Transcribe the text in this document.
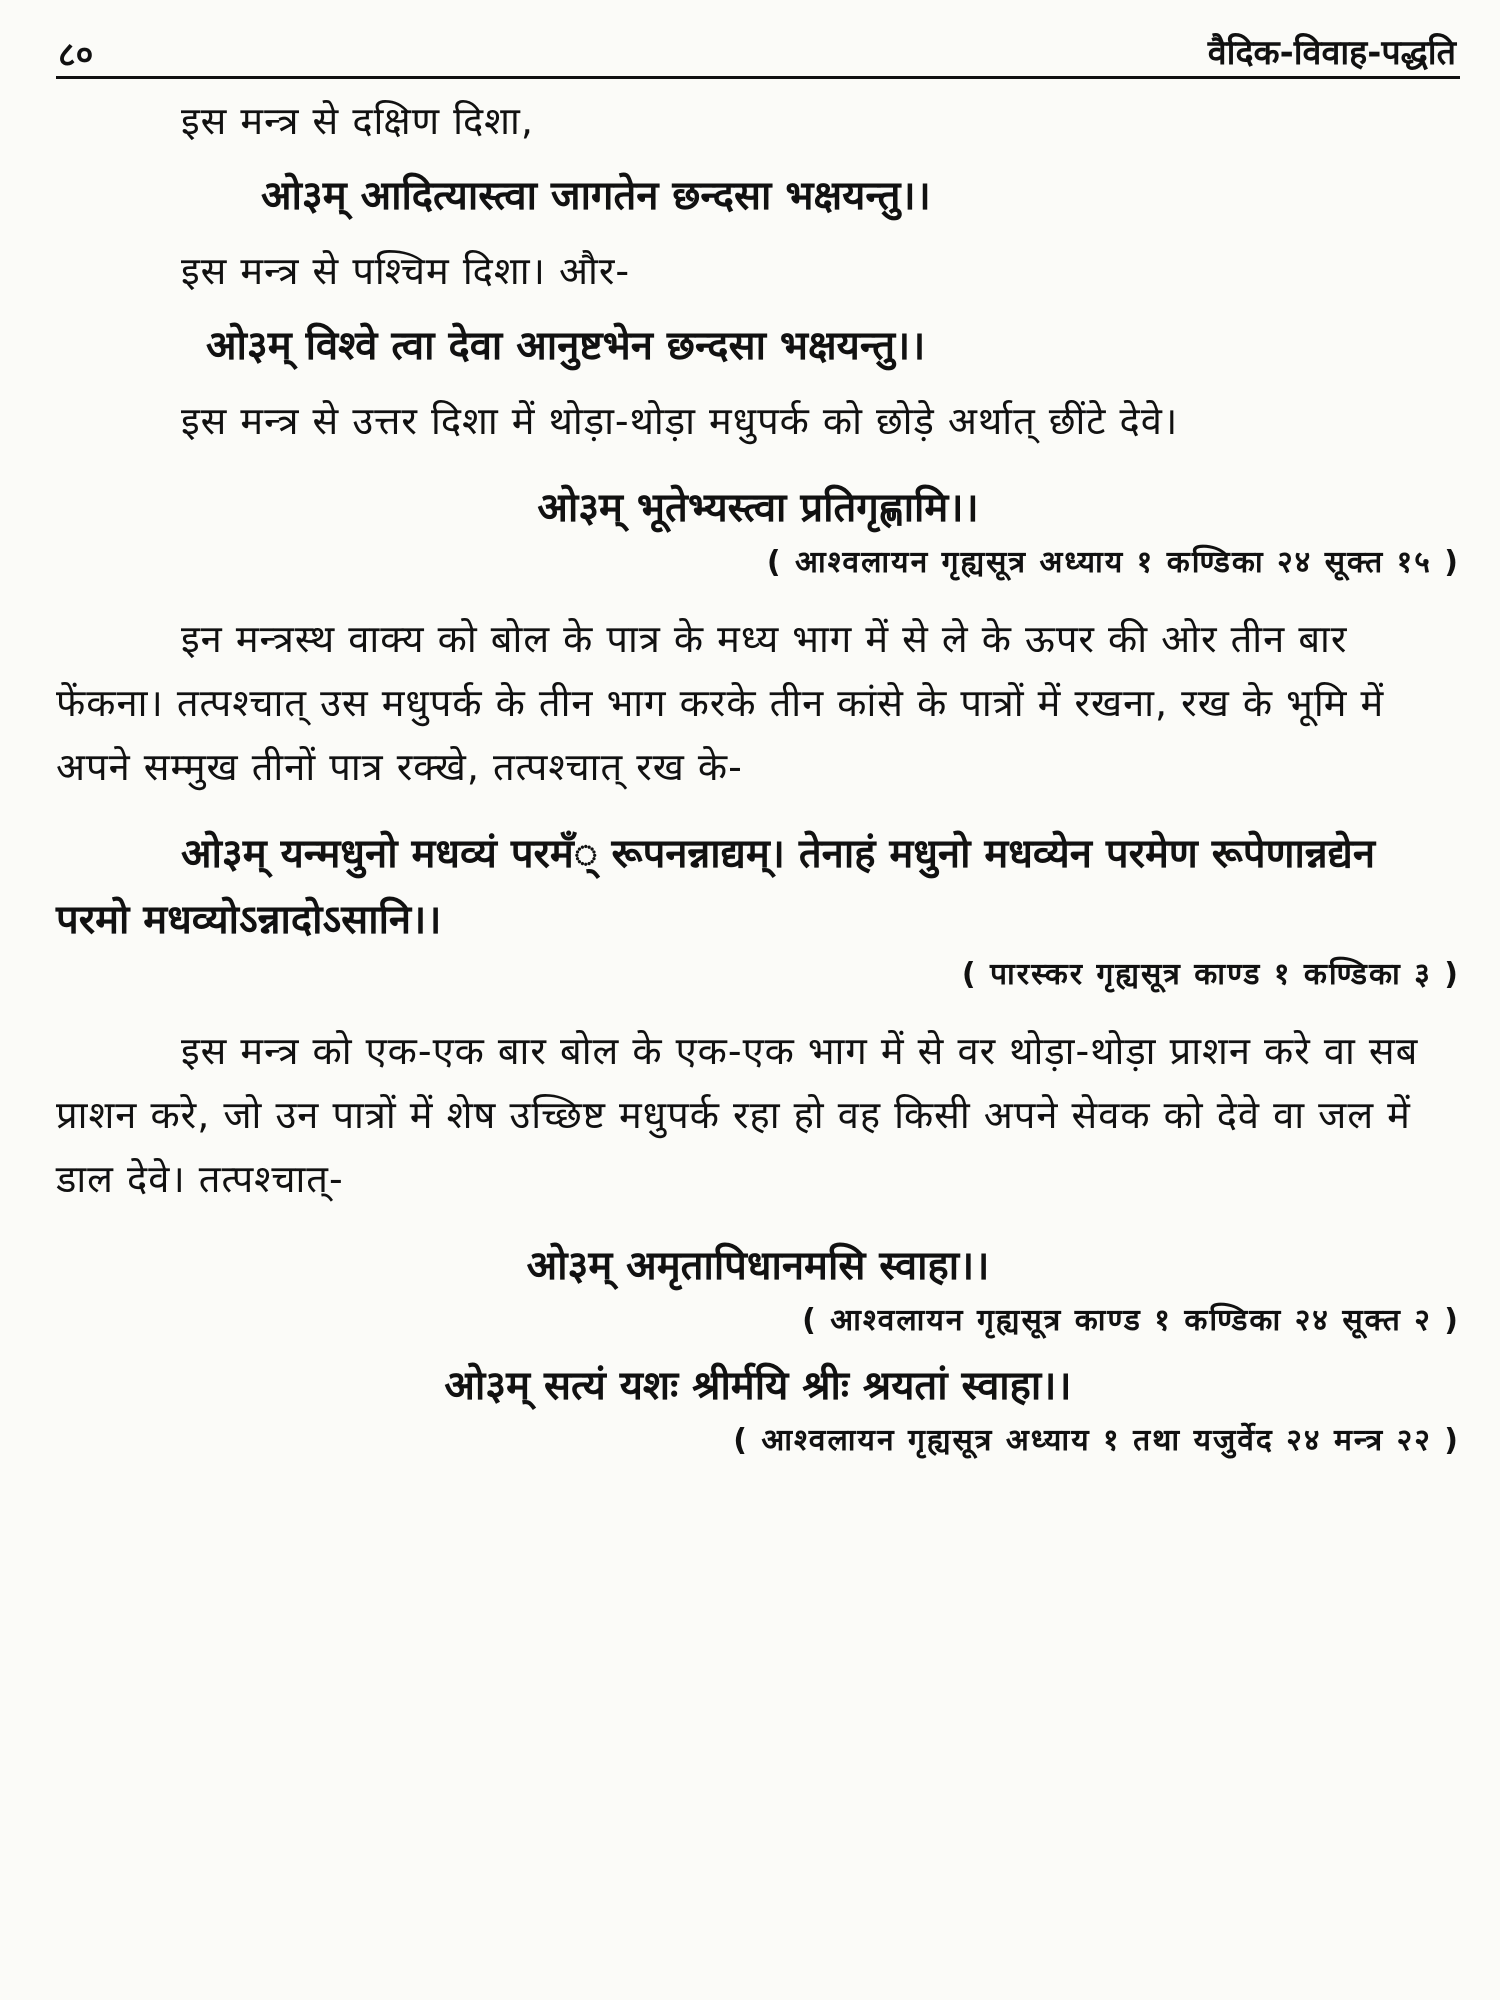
८०	वैदिक-विवाह-पद्धति

इस मन्त्र से दक्षिण दिशा,

ओ३म् आदित्यास्त्वा जागतेन छन्दसा भक्षयन्तु।।

इस मन्त्र से पश्चिम दिशा। और-

ओ३म् विश्वे त्वा देवा आनुष्टभेन छन्दसा भक्षयन्तु।।

इस मन्त्र से उत्तर दिशा में थोड़ा-थोड़ा मधुपर्क को छोड़े अर्थात् छींटे देवे।

ओ३म् भूतेभ्यस्त्वा प्रतिगृह्णामि।।

( आश्वलायन गृह्यसूत्र अध्याय १ कण्डिका २४ सूक्त १५ )

इन मन्त्रस्थ वाक्य को बोल के पात्र के मध्य भाग में से ले के ऊपर की ओर तीन बार फेंकना। तत्पश्चात् उस मधुपर्क के तीन भाग करके तीन कांसे के पात्रों में रखना, रख के भूमि में अपने सम्मुख तीनों पात्र रक्खे, तत्पश्चात् रख के-

ओ३म् यन्मधुनो मधव्यं परमँ् रूपनन्नाद्यम्। तेनाहं मधुनो मधव्येन परमेण रूपेणान्नद्येन परमो मधव्योऽन्नादोऽसानि।।

( पारस्कर गृह्यसूत्र काण्ड १ कण्डिका ३ )

इस मन्त्र को एक-एक बार बोल के एक-एक भाग में से वर थोड़ा-थोड़ा प्राशन करे वा सब प्राशन करे, जो उन पात्रों में शेष उच्छिष्ट मधुपर्क रहा हो वह किसी अपने सेवक को देवे वा जल में डाल देवे। तत्पश्चात्-

ओ३म् अमृतापिधानमसि स्वाहा।।

( आश्वलायन गृह्यसूत्र काण्ड १ कण्डिका २४ सूक्त २ )

ओ३म् सत्यं यशः श्रीर्मयि श्रीः श्रयतां स्वाहा।।

( आश्वलायन गृह्यसूत्र अध्याय १ तथा यजुर्वेद २४ मन्त्र २२ )
